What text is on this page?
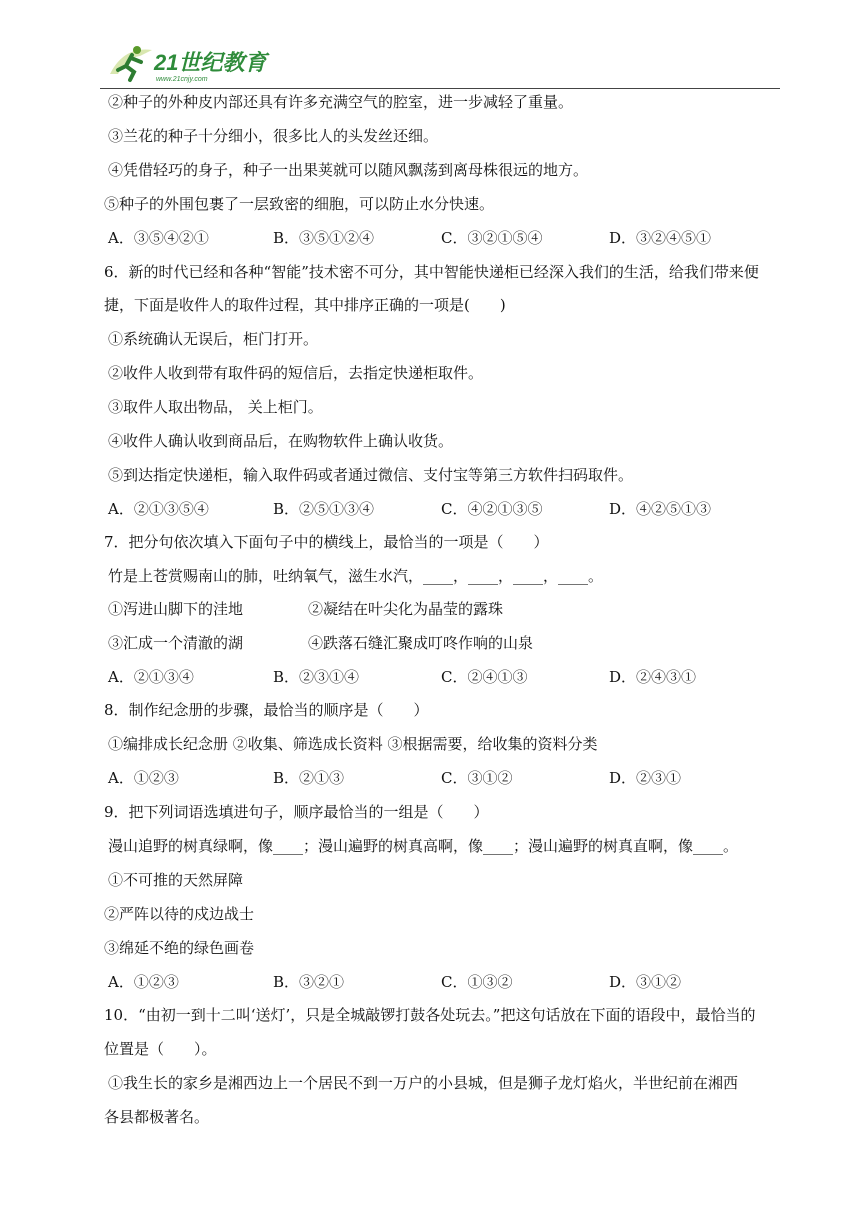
21世纪教育
www.21cnjy.com
②种子的外种皮内部还具有许多充满空气的腔室，进一步减轻了重量。
③兰花的种子十分细小，很多比人的头发丝还细。
④凭借轻巧的身子，种子一出果荚就可以随风飘荡到离母株很远的地方。
⑤种子的外围包裹了一层致密的细胞，可以防止水分快速。
A．③⑤④②①	B．③⑤①②④	C．③②①⑤④	D．③②④⑤①
6．新的时代已经和各种“智能”技术密不可分，其中智能快递柜已经深入我们的生活，给我们带来便
捷，下面是收件人的取件过程，其中排序正确的一项是(　　)
①系统确认无误后，柜门打开。
②收件人收到带有取件码的短信后，去指定快递柜取件。
③取件人取出物品， 关上柜门。
④收件人确认收到商品后，在购物软件上确认收货。
⑤到达指定快递柜，输入取件码或者通过微信、支付宝等第三方软件扫码取件。
A．②①③⑤④	B．②⑤①③④	C．④②①③⑤	D．④②⑤①③
7．把分句依次填入下面句子中的横线上，最恰当的一项是（　　）
竹是上苍赏赐南山的肺，吐纳氧气，滋生水汽，____，____，____，____。
①泻进山脚下的洼地	②凝结在叶尖化为晶莹的露珠
③汇成一个清澈的湖	④跌落石缝汇聚成叮咚作响的山泉
A．②①③④	B．②③①④	C．②④①③	D．②④③①
8．制作纪念册的步骤，最恰当的顺序是（　　）
①编排成长纪念册 ②收集、筛选成长资料 ③根据需要，给收集的资料分类
A．①②③	B．②①③	C．③①②	D．②③①
9．把下列词语选填进句子，顺序最恰当的一组是（　　）
漫山追野的树真绿啊，像____；漫山遍野的树真高啊，像____；漫山遍野的树真直啊，像____。
①不可推的天然屏障
②严阵以待的戍边战士
③绵延不绝的绿色画卷
A．①②③	B．③②①	C．①③②	D．③①②
10．“由初一到十二叫‘送灯’，只是全城敲锣打鼓各处玩去。”把这句话放在下面的语段中，最恰当的
位置是（　　）。
①我生长的家乡是湘西边上一个居民不到一万户的小县城，但是狮子龙灯焰火，半世纪前在湘西
各县都极著名。
